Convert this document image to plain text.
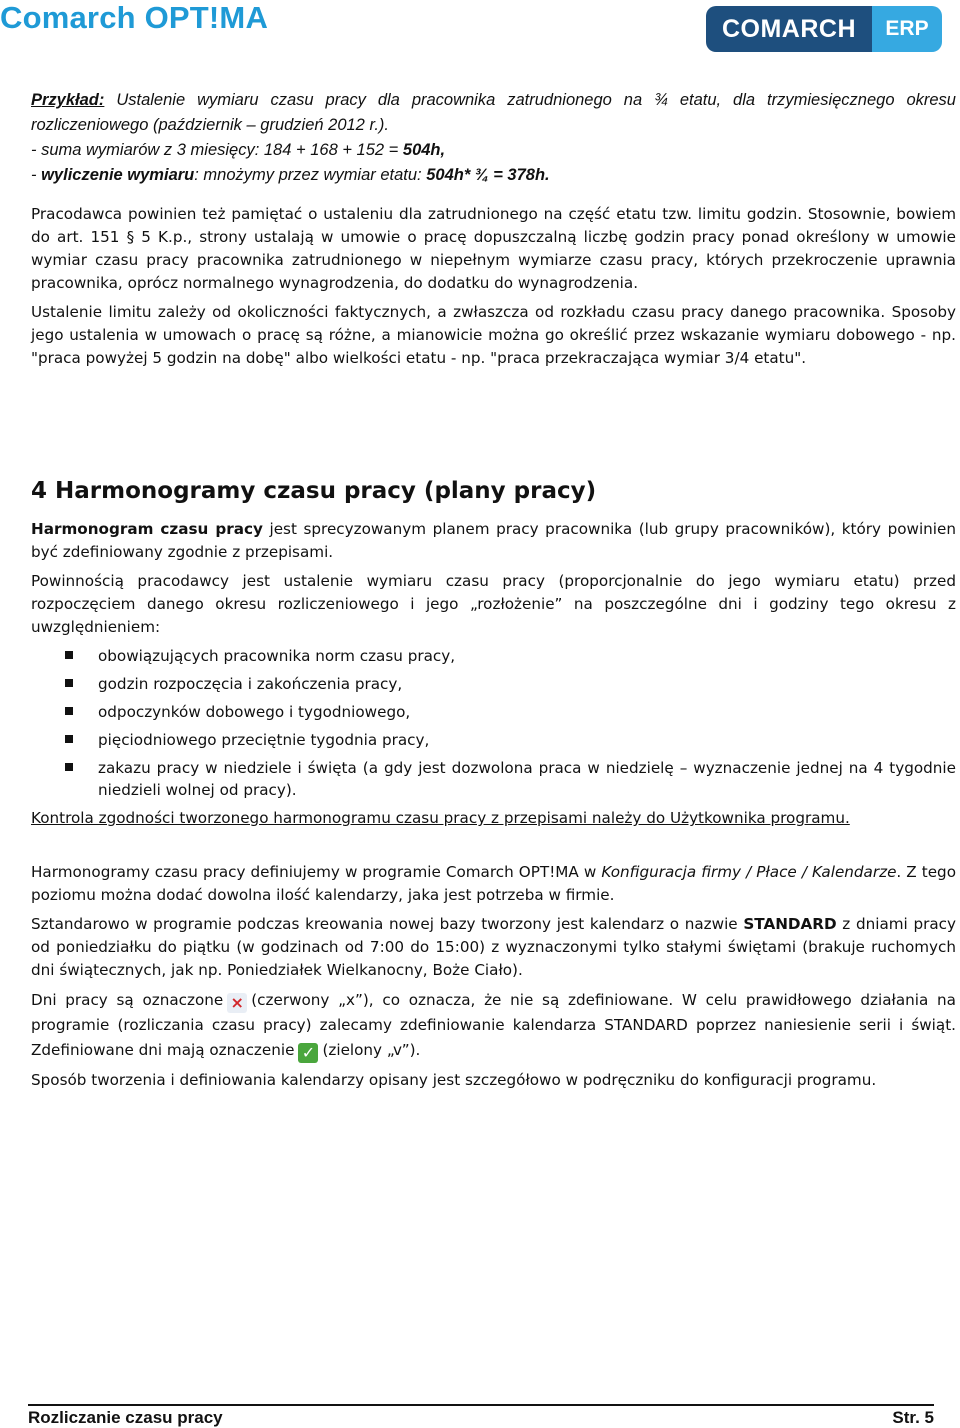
Comarch OPT!MA	COMARCH	ERP

Przykład: Ustalenie wymiaru czasu pracy dla pracownika zatrudnionego na ¾ etatu, dla trzymiesięcznego okresu rozliczeniowego (październik – grudzień 2012 r.).

- suma wymiarów z 3 miesięcy: 184 + 168 + 152 = 504h,

- wyliczenie wymiaru: mnożymy przez wymiar etatu: 504h* ¾ = 378h.

Pracodawca powinien też pamiętać o ustaleniu dla zatrudnionego na część etatu tzw. limitu godzin. Stosownie, bowiem do art. 151 § 5 K.p., strony ustalają w umowie o pracę dopuszczalną liczbę godzin pracy ponad określony w umowie wymiar czasu pracy pracownika zatrudnionego w niepełnym wymiarze czasu pracy, których przekroczenie uprawnia pracownika, oprócz normalnego wynagrodzenia, do dodatku do wynagrodzenia.

Ustalenie limitu zależy od okoliczności faktycznych, a zwłaszcza od rozkładu czasu pracy danego pracownika. Sposoby jego ustalenia w umowach o pracę są różne, a mianowicie można go określić przez wskazanie wymiaru dobowego - np. "praca powyżej 5 godzin na dobę" albo wielkości etatu - np. "praca przekraczająca wymiar 3/4 etatu".

4 Harmonogramy czasu pracy (plany pracy)

Harmonogram czasu pracy jest sprecyzowanym planem pracy pracownika (lub grupy pracowników), który powinien być zdefiniowany zgodnie z przepisami.

Powinnością pracodawcy jest ustalenie wymiaru czasu pracy (proporcjonalnie do jego wymiaru etatu) przed rozpoczęciem danego okresu rozliczeniowego i jego „rozłożenie” na poszczególne dni i godziny tego okresu z uwzględnieniem:

obowiązujących pracownika norm czasu pracy,
godzin rozpoczęcia i zakończenia pracy,
odpoczynków dobowego i tygodniowego,
pięciodniowego przeciętnie tygodnia pracy,
zakazu pracy w niedziele i święta (a gdy jest dozwolona praca w niedzielę – wyznaczenie jednej na 4 tygodnie niedzieli wolnej od pracy).

Kontrola zgodności tworzonego harmonogramu czasu pracy z przepisami należy do Użytkownika programu.

Harmonogramy czasu pracy definiujemy w programie Comarch OPT!MA w Konfiguracja firmy / Płace / Kalendarze. Z tego poziomu można dodać dowolna ilość kalendarzy, jaka jest potrzeba w firmie.

Sztandarowo w programie podczas kreowania nowej bazy tworzony jest kalendarz o nazwie STANDARD z dniami pracy od poniedziałku do piątku (w godzinach od 7:00 do 15:00) z wyznaczonymi tylko stałymi świętami (brakuje ruchomych dni świątecznych, jak np. Poniedziałek Wielkanocny, Boże Ciało).

Dni pracy są oznaczone × (czerwony „x”), co oznacza, że nie są zdefiniowane. W celu prawidłowego działania na programie (rozliczania czasu pracy) zalecamy zdefiniowanie kalendarza STANDARD poprzez naniesienie serii i świąt. Zdefiniowane dni mają oznaczenie ✓ (zielony „v”).

Sposób tworzenia i definiowania kalendarzy opisany jest szczegółowo w podręczniku do konfiguracji programu.

Rozliczanie czasu pracy	Str. 5
